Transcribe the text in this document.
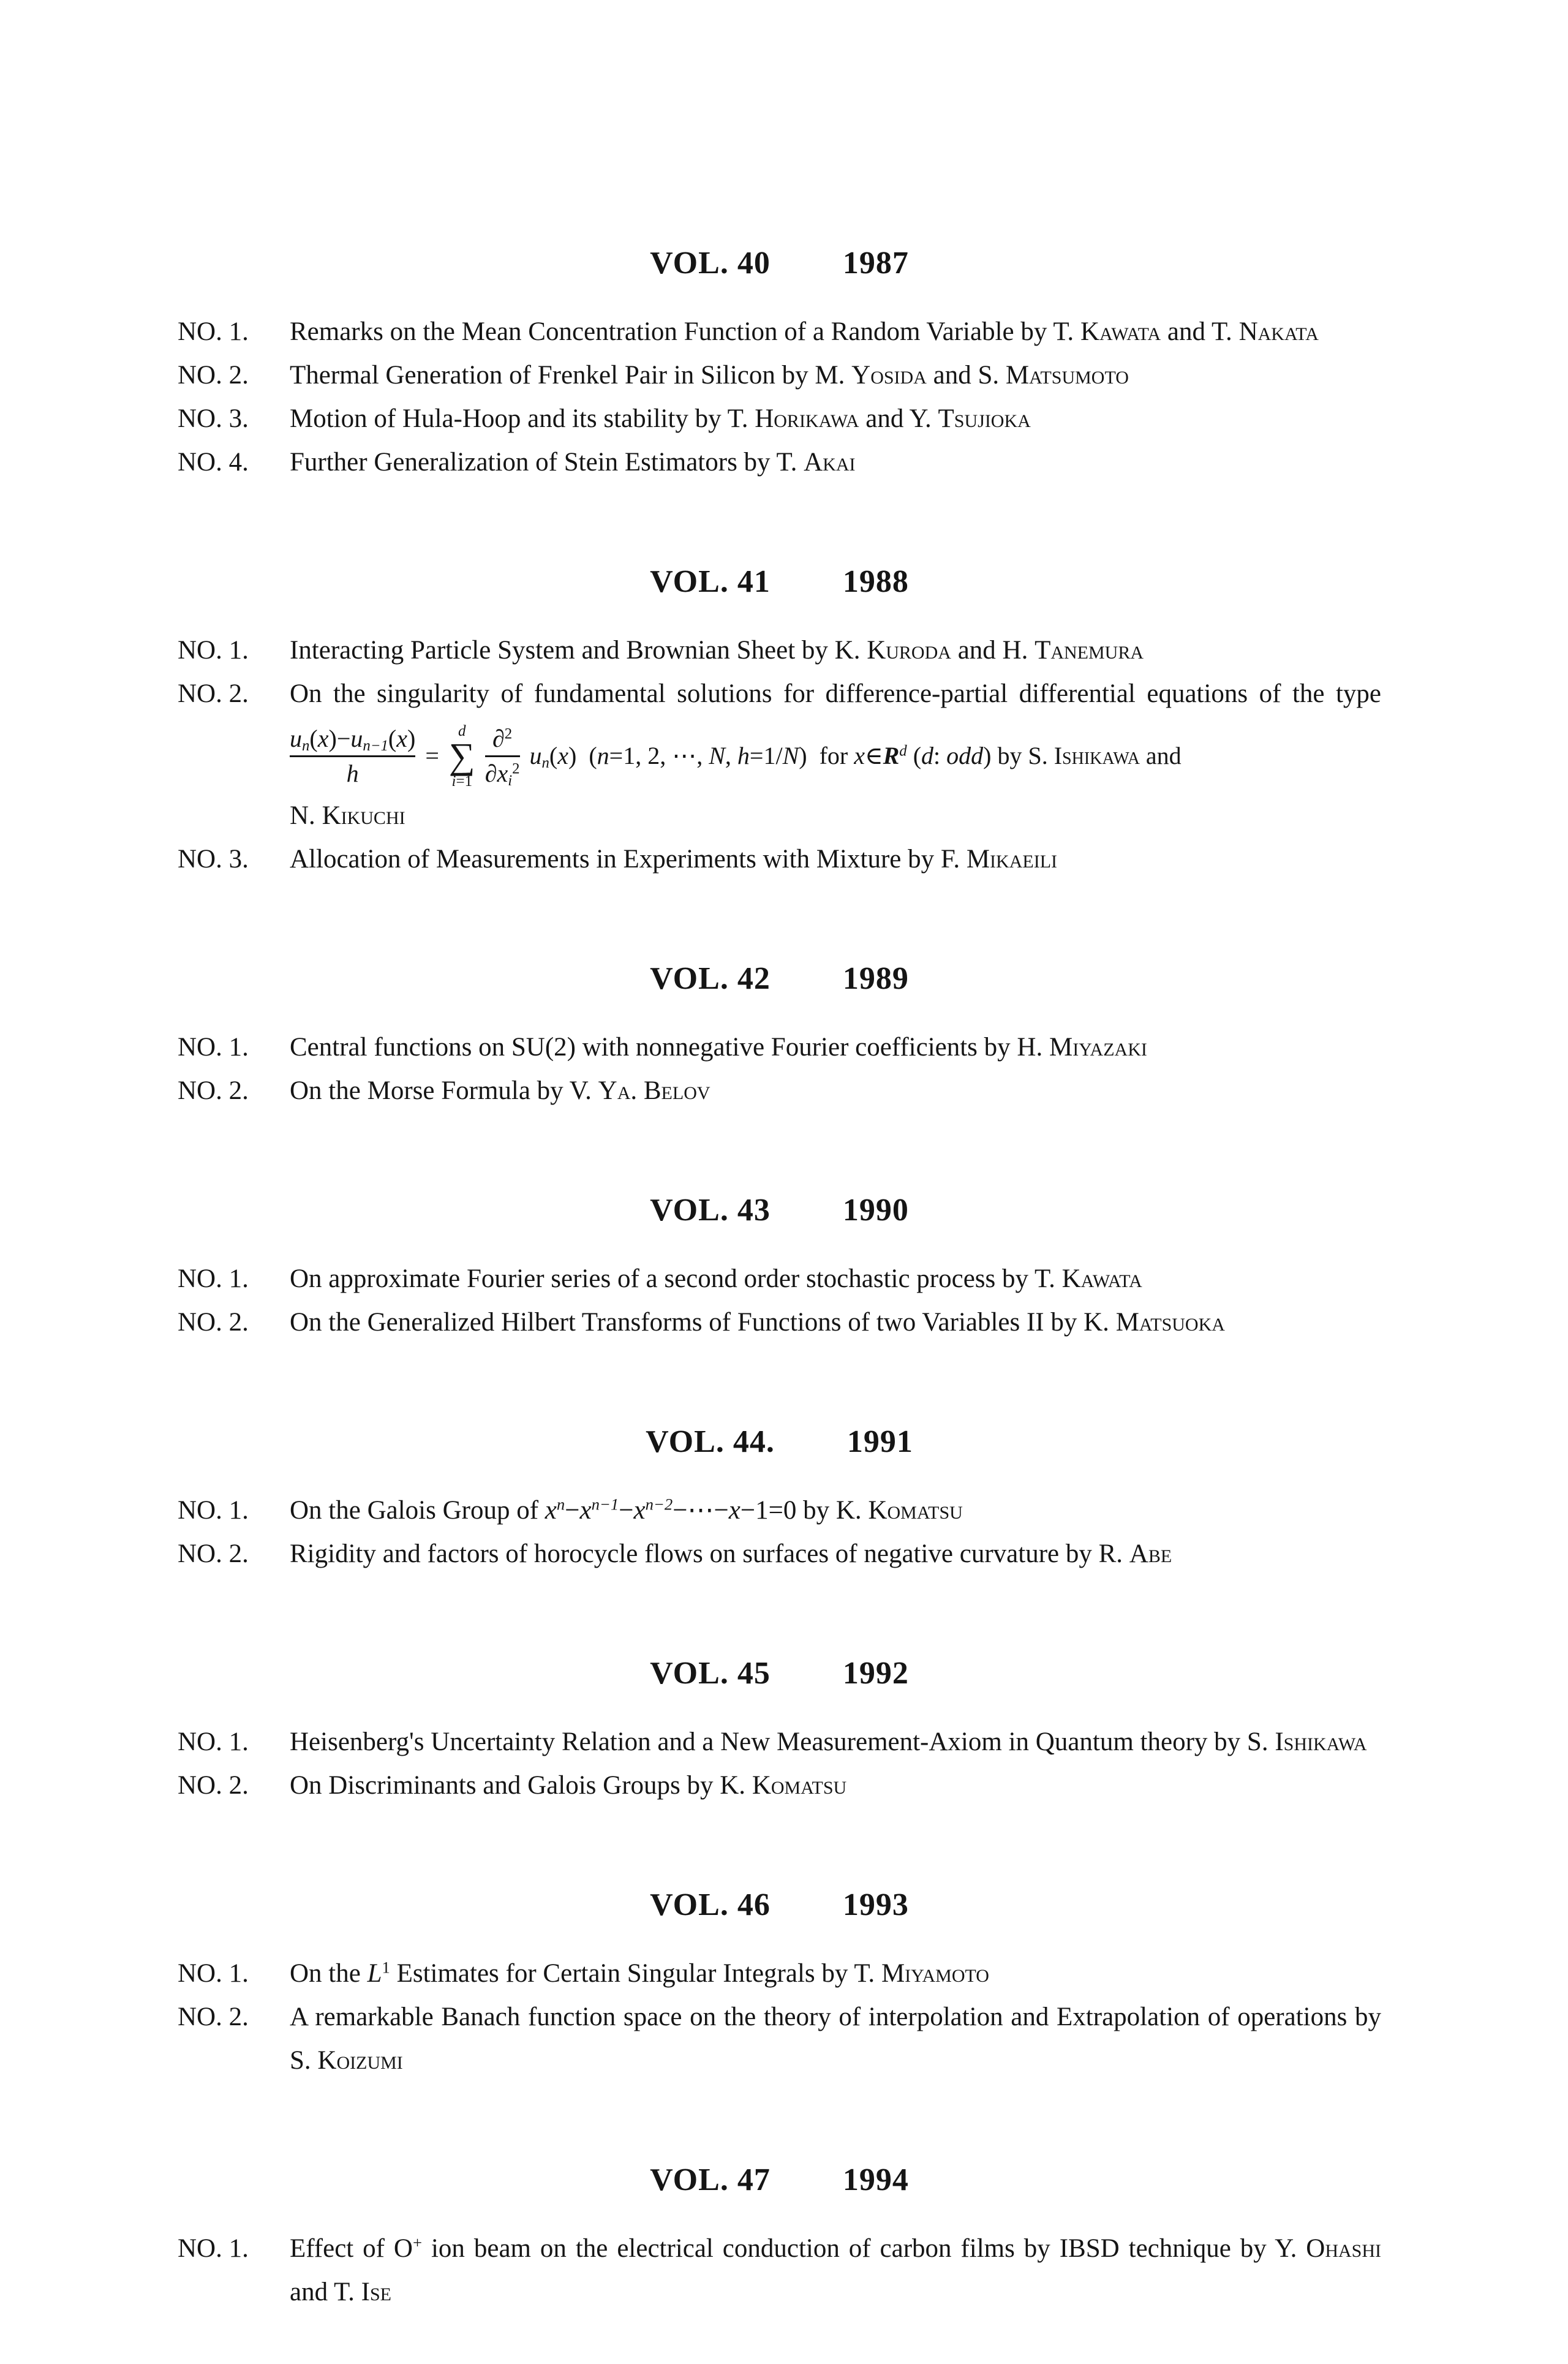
VOL. 40 1987
NO. 1.	Remarks on the Mean Concentration Function of a Random Variable by T. Kawata and T. Nakata
NO. 2.	Thermal Generation of Frenkel Pair in Silicon by M. Yosida and S. Matsumoto
NO. 3.	Motion of Hula-Hoop and its stability by T. Horikawa and Y. Tsujioka
NO. 4.	Further Generalization of Stein Estimators by T. Akai
VOL. 41 1988
NO. 1.	Interacting Particle System and Brownian Sheet by K. Kuroda and H. Tanemura
NO. 2.	On the singularity of fundamental solutions for difference-partial differential equations of the type
$\frac{u_n(x)-u_{n-1}(x)}{h}$ =
d
∑
$i=1 \frac{\partial^2}{\partial x_i^2} u_n(x)$ (n=1, 2, ⋯, N, h=1/N) for $x\in R^d$ (d: odd) by S. Ishikawa and
N. Kikuchi
NO. 3.	Allocation of Measurements in Experiments with Mixture by F. Mikaeili
VOL. 42 1989
NO. 1.	Central functions on SU(2) with nonnegative Fourier coefficients by H. Miyazaki
NO. 2.	On the Morse Formula by V. Ya. Belov
VOL. 43 1990
NO. 1.	On approximate Fourier series of a second order stochastic process by T. Kawata
NO. 2.	On the Generalized Hilbert Transforms of Functions of two Variables II by K. Matsuoka
VOL. 44. 1991
NO. 1.	On the Galois Group of $x^n-x^{n-1}-x^{n-2}-\cdots-x-1=0$ by K. Komatsu
NO. 2.	Rigidity and factors of horocycle flows on surfaces of negative curvature by R. Abe
VOL. 45 1992
NO. 1.	Heisenberg's Uncertainty Relation and a New Measurement-Axiom in Quantum theory by S. Ishikawa
NO. 2.	On Discriminants and Galois Groups by K. Komatsu
VOL. 46 1993
NO. 1.	On the $L^1$ Estimates for Certain Singular Integrals by T. Miyamoto
NO. 2.	A remarkable Banach function space on the theory of interpolation and Extrapolation of operations by S. Koizumi
VOL. 47 1994
NO. 1.	Effect of O+ ion beam on the electrical conduction of carbon films by IBSD technique by Y. Ohashi and T. Ise
